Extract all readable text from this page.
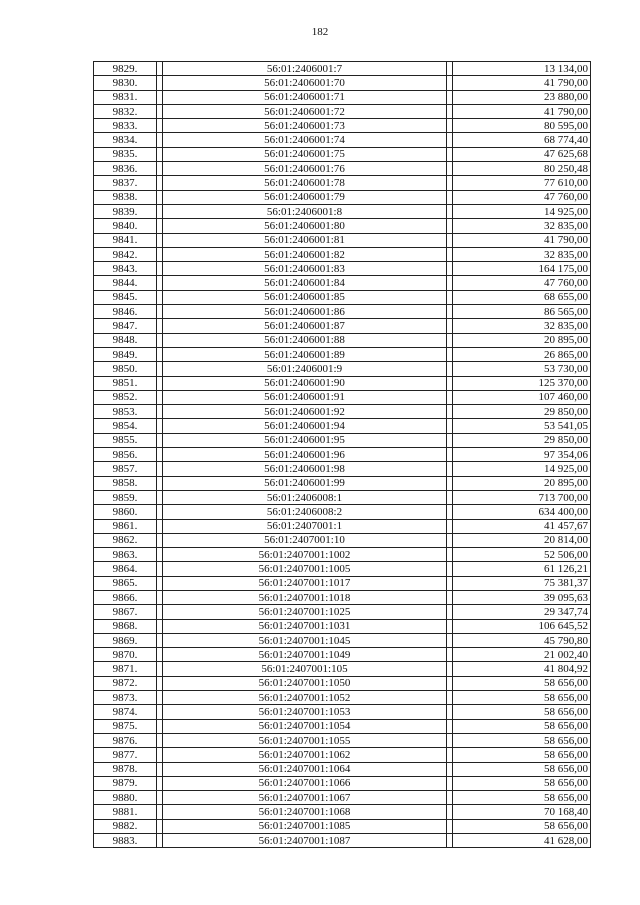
182
9829.		56:01:2406001:7		13 134,00
9830.		56:01:2406001:70		41 790,00
9831.		56:01:2406001:71		23 880,00
9832.		56:01:2406001:72		41 790,00
9833.		56:01:2406001:73		80 595,00
9834.		56:01:2406001:74		68 774,40
9835.		56:01:2406001:75		47 625,68
9836.		56:01:2406001:76		80 250,48
9837.		56:01:2406001:78		77 610,00
9838.		56:01:2406001:79		47 760,00
9839.		56:01:2406001:8		14 925,00
9840.		56:01:2406001:80		32 835,00
9841.		56:01:2406001:81		41 790,00
9842.		56:01:2406001:82		32 835,00
9843.		56:01:2406001:83		164 175,00
9844.		56:01:2406001:84		47 760,00
9845.		56:01:2406001:85		68 655,00
9846.		56:01:2406001:86		86 565,00
9847.		56:01:2406001:87		32 835,00
9848.		56:01:2406001:88		20 895,00
9849.		56:01:2406001:89		26 865,00
9850.		56:01:2406001:9		53 730,00
9851.		56:01:2406001:90		125 370,00
9852.		56:01:2406001:91		107 460,00
9853.		56:01:2406001:92		29 850,00
9854.		56:01:2406001:94		53 541,05
9855.		56:01:2406001:95		29 850,00
9856.		56:01:2406001:96		97 354,06
9857.		56:01:2406001:98		14 925,00
9858.		56:01:2406001:99		20 895,00
9859.		56:01:2406008:1		713 700,00
9860.		56:01:2406008:2		634 400,00
9861.		56:01:2407001:1		41 457,67
9862.		56:01:2407001:10		20 814,00
9863.		56:01:2407001:1002		52 506,00
9864.		56:01:2407001:1005		61 126,21
9865.		56:01:2407001:1017		75 381,37
9866.		56:01:2407001:1018		39 095,63
9867.		56:01:2407001:1025		29 347,74
9868.		56:01:2407001:1031		106 645,52
9869.		56:01:2407001:1045		45 790,80
9870.		56:01:2407001:1049		21 002,40
9871.		56:01:2407001:105		41 804,92
9872.		56:01:2407001:1050		58 656,00
9873.		56:01:2407001:1052		58 656,00
9874.		56:01:2407001:1053		58 656,00
9875.		56:01:2407001:1054		58 656,00
9876.		56:01:2407001:1055		58 656,00
9877.		56:01:2407001:1062		58 656,00
9878.		56:01:2407001:1064		58 656,00
9879.		56:01:2407001:1066		58 656,00
9880.		56:01:2407001:1067		58 656,00
9881.		56:01:2407001:1068		70 168,40
9882.		56:01:2407001:1085		58 656,00
9883.		56:01:2407001:1087		41 628,00
